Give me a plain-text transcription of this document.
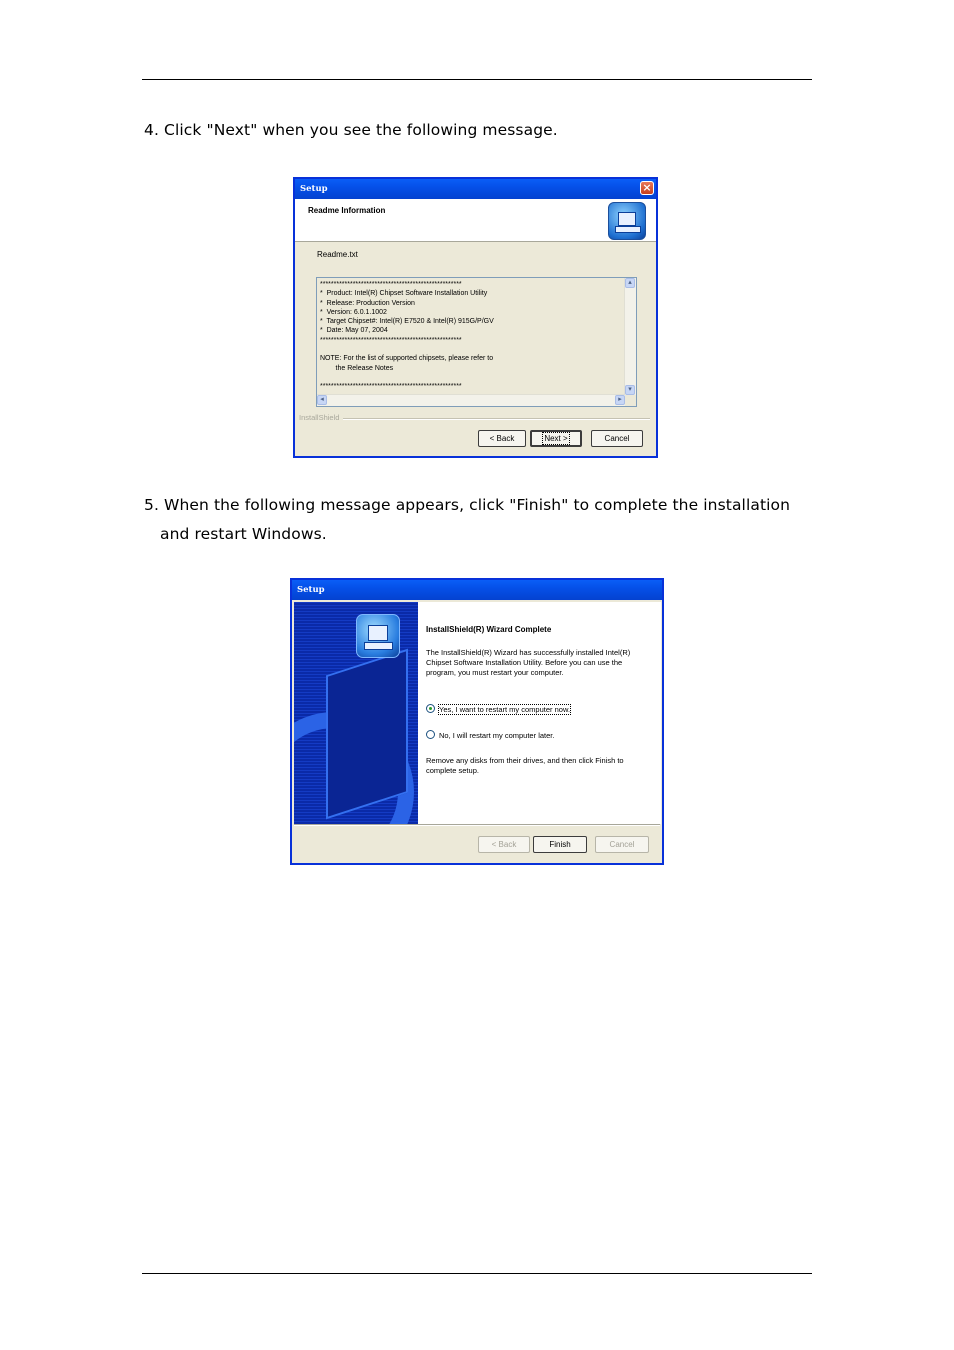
4. Click "Next" when you see the following message.
Setup	×
Readme Information
Readme.txt
****************************************************
*  Product: Intel(R) Chipset Software Installation Utility
*  Release: Production Version
*  Version: 6.0.1.1002
*  Target Chipset#: Intel(R) E7520 & Intel(R) 915G/P/GV
*  Date: May 07, 2004
****************************************************

NOTE: For the list of supported chipsets, please refer to
the Release Notes

****************************************************
▴
▾
◂	▸
InstallShield
< Back	Next >	Cancel
5. When the following message appears, click "Finish" to complete the installation
and restart Windows.
Setup
InstallShield(R) Wizard Complete
The InstallShield(R) Wizard has successfully installed Intel(R) Chipset Software Installation Utility. Before you can use the program, you must restart your computer.
Yes, I want to restart my computer now.
No, I will restart my computer later.
Remove any disks from their drives, and then click Finish to complete setup.
< Back	Finish	Cancel
